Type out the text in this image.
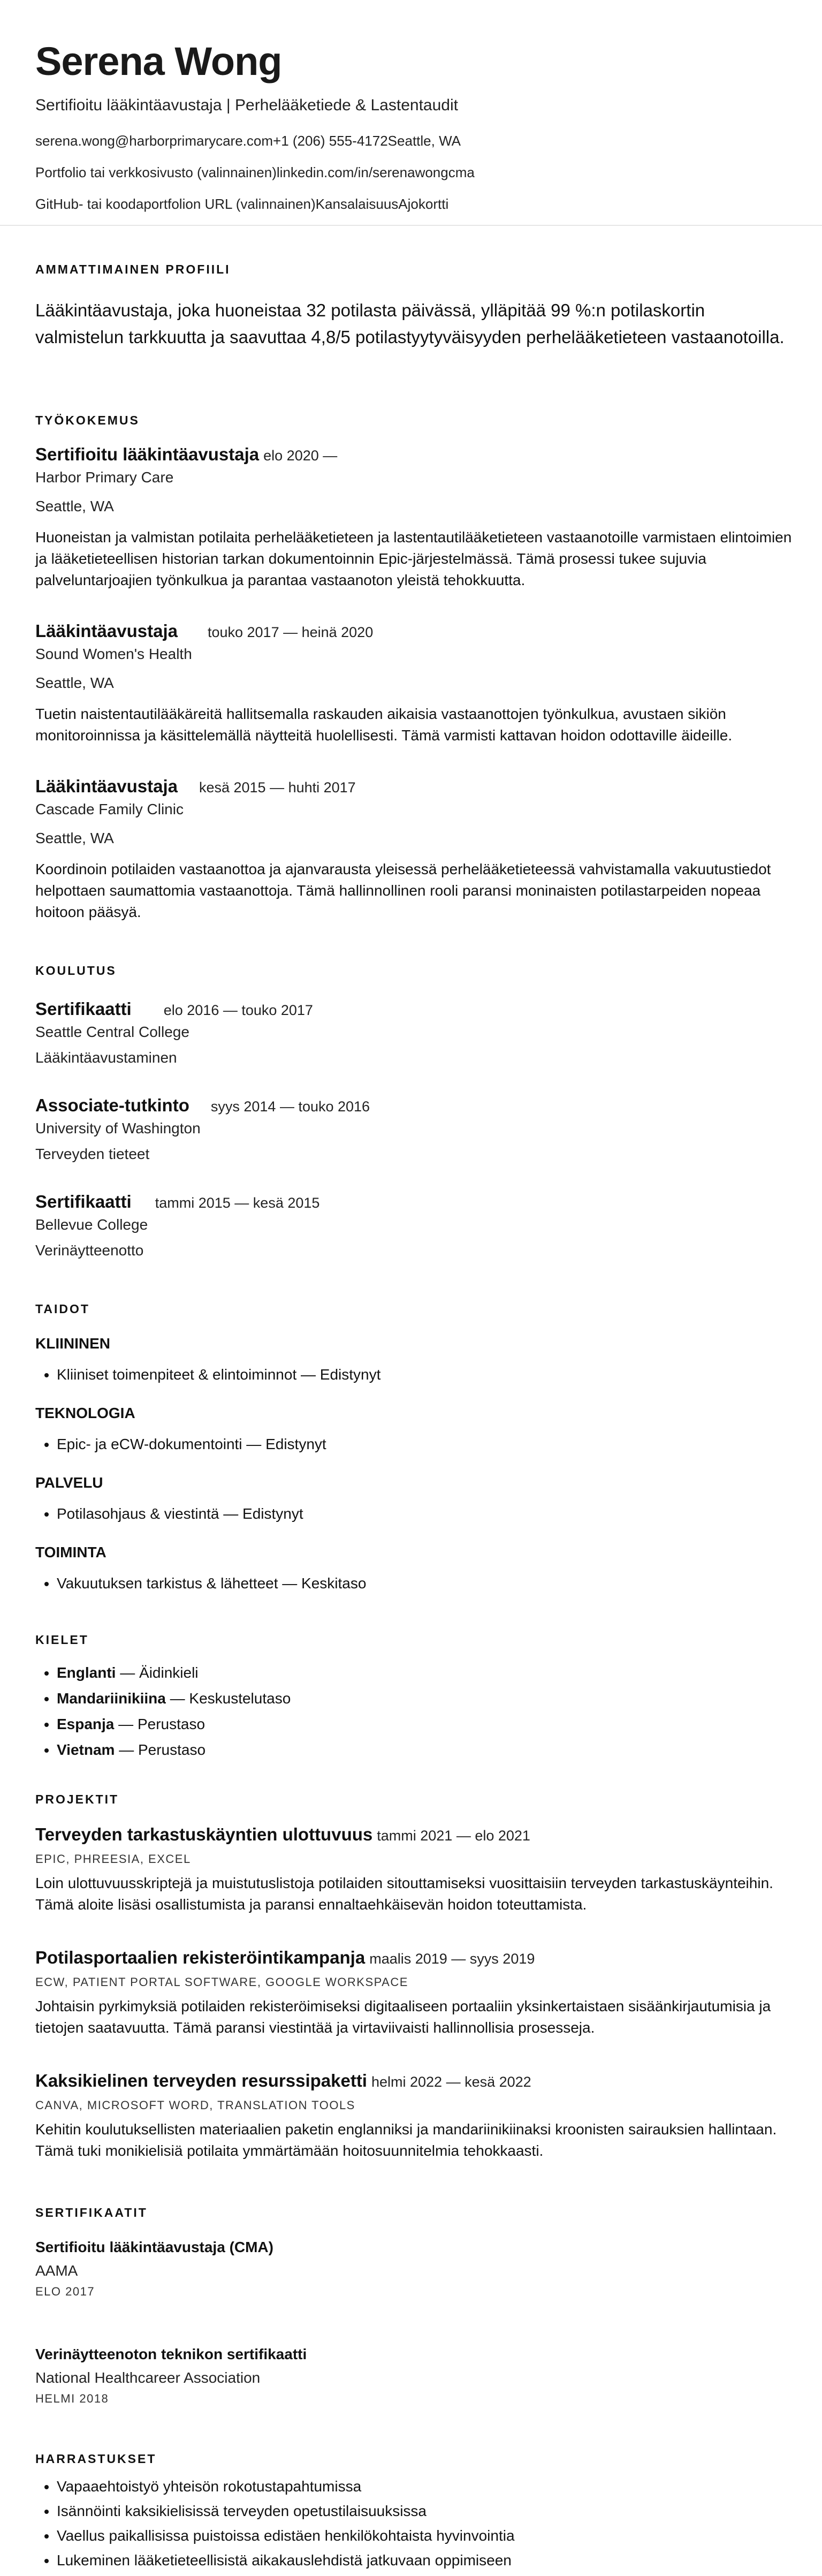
Serena Wong
Sertifioitu lääkintäavustaja | Perhelääketiede & Lastentaudit
serena.wong@harborprimarycare.com+1 (206) 555-4172Seattle, WA
Portfolio tai verkkosivusto (valinnainen)linkedin.com/in/serenawongcma
GitHub- tai koodaportfolion URL (valinnainen)KansalaisuusAjokortti
AMMATTIMAINEN PROFIILI
Lääkintäavustaja, joka huoneistaa 32 potilasta päivässä, ylläpitää 99 %:n potilaskortin valmistelun tarkkuutta ja saavuttaa 4,8/5 potilastyytyväisyyden perhelääketieteen vastaanotoilla.
TYÖKOKEMUS
Sertifioitu lääkintäavustaja elo 2020 —
Harbor Primary Care
Seattle, WA
Huoneistan ja valmistan potilaita perhelääketieteen ja lastentautilääketieteen vastaanotoille varmistaen elintoimien ja lääketieteellisen historian tarkan dokumentoinnin Epic-järjestelmässä. Tämä prosessi tukee sujuvia palveluntarjoajien työnkulkua ja parantaa vastaanoton yleistä tehokkuutta.
Lääkintäavustaja touko 2017 — heinä 2020
Sound Women's Health
Seattle, WA
Tuetin naistentautilääkäreitä hallitsemalla raskauden aikaisia vastaanottojen työnkulkua, avustaen sikiön monitoroinnissa ja käsittelemällä näytteitä huolellisesti. Tämä varmisti kattavan hoidon odottaville äideille.
Lääkintäavustaja kesä 2015 — huhti 2017
Cascade Family Clinic
Seattle, WA
Koordinoin potilaiden vastaanottoa ja ajanvarausta yleisessä perhelääketieteessä vahvistamalla vakuutustiedot helpottaen saumattomia vastaanottoja. Tämä hallinnollinen rooli paransi moninaisten potilastarpeiden nopeaa hoitoon pääsyä.
KOULUTUS
Sertifikaatti elo 2016 — touko 2017
Seattle Central College
Lääkintäavustaminen
Associate-tutkinto syys 2014 — touko 2016
University of Washington
Terveyden tieteet
Sertifikaatti tammi 2015 — kesä 2015
Bellevue College
Verinäytteenotto
TAIDOT
KLIININEN
• Kliiniset toimenpiteet & elintoiminnot — Edistynyt
TEKNOLOGIA
• Epic- ja eCW-dokumentointi — Edistynyt
PALVELU
• Potilasohjaus & viestintä — Edistynyt
TOIMINTA
• Vakuutuksen tarkistus & lähetteet — Keskitaso
KIELET
• Englanti — Äidinkieli
• Mandariinikiina — Keskustelutaso
• Espanja — Perustaso
• Vietnam — Perustaso
PROJEKTIT
Terveyden tarkastuskäyntien ulottuvuus tammi 2021 — elo 2021
EPIC, PHREESIA, EXCEL
Loin ulottuvuusskriptejä ja muistutuslistoja potilaiden sitouttamiseksi vuosittaisiin terveyden tarkastuskäynteihin. Tämä aloite lisäsi osallistumista ja paransi ennaltaehkäisevän hoidon toteuttamista.
Potilasportaalien rekisteröintikampanja maalis 2019 — syys 2019
ECW, PATIENT PORTAL SOFTWARE, GOOGLE WORKSPACE
Johtaisin pyrkimyksiä potilaiden rekisteröimiseksi digitaaliseen portaaliin yksinkertaistaen sisäänkirjautumisia ja tietojen saatavuutta. Tämä paransi viestintää ja virtaviivaisti hallinnollisia prosesseja.
Kaksikielinen terveyden resurssipaketti helmi 2022 — kesä 2022
CANVA, MICROSOFT WORD, TRANSLATION TOOLS
Kehitin koulutuksellisten materiaalien paketin englanniksi ja mandariinikiinaksi kroonisten sairauksien hallintaan. Tämä tuki monikielisiä potilaita ymmärtämään hoitosuunnitelmia tehokkaasti.
SERTIFIKAATIT
Sertifioitu lääkintäavustaja (CMA)
AAMA
ELO 2017
Verinäytteenoton teknikon sertifikaatti
National Healthcareer Association
HELMI 2018
HARRASTUKSET
• Vapaaehtoistyö yhteisön rokotustapahtumissa
• Isännöinti kaksikielisissä terveyden opetustilaisuuksissa
• Vaellus paikallisissa puistoissa edistäen henkilökohtaista hyvinvointia
• Lukeminen lääketieteellisistä aikakauslehdistä jatkuvaan oppimiseen
